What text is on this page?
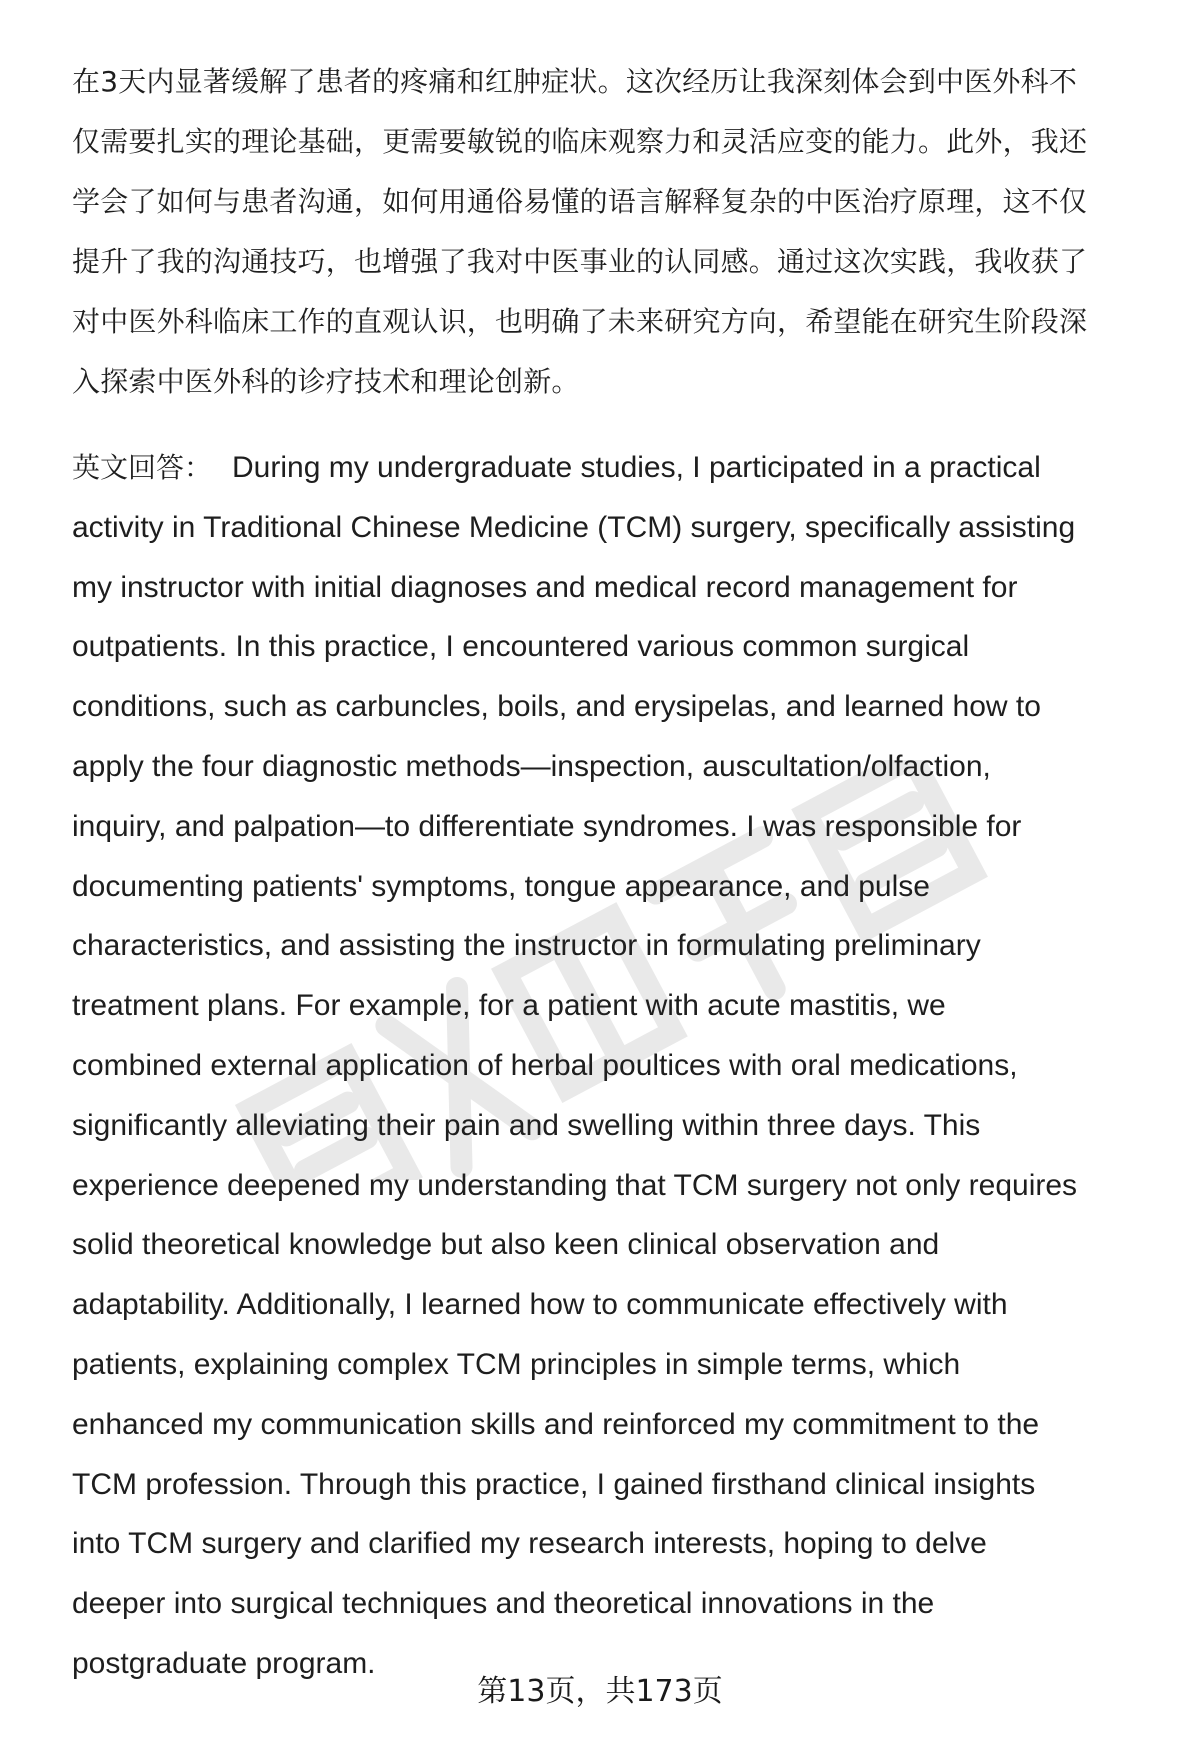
在3天内显著缓解了患者的疼痛和红肿症状。这次经历让我深刻体会到中医外科不
仅需要扎实的理论基础，更需要敏锐的临床观察力和灵活应变的能力。此外，我还
学会了如何与患者沟通，如何用通俗易懂的语言解释复杂的中医治疗原理，这不仅
提升了我的沟通技巧，也增强了我对中医事业的认同感。通过这次实践，我收获了
对中医外科临床工作的直观认识，也明确了未来研究方向，希望能在研究生阶段深
入探索中医外科的诊疗技术和理论创新。
英文回答： During my undergraduate studies, I participated in a practical
activity in Traditional Chinese Medicine (TCM) surgery, specifically assisting
my instructor with initial diagnoses and medical record management for
outpatients. In this practice, I encountered various common surgical
conditions, such as carbuncles, boils, and erysipelas, and learned how to
apply the four diagnostic methods—inspection, auscultation/olfaction,
inquiry, and palpation—to differentiate syndromes. I was responsible for
documenting patients' symptoms, tongue appearance, and pulse
characteristics, and assisting the instructor in formulating preliminary
treatment plans. For example, for a patient with acute mastitis, we
combined external application of herbal poultices with oral medications,
significantly alleviating their pain and swelling within three days. This
experience deepened my understanding that TCM surgery not only requires
solid theoretical knowledge but also keen clinical observation and
adaptability. Additionally, I learned how to communicate effectively with
patients, explaining complex TCM principles in simple terms, which
enhanced my communication skills and reinforced my commitment to the
TCM profession. Through this practice, I gained firsthand clinical insights
into TCM surgery and clarified my research interests, hoping to delve
deeper into surgical techniques and theoretical innovations in the
postgraduate program.
第13页，共173页
